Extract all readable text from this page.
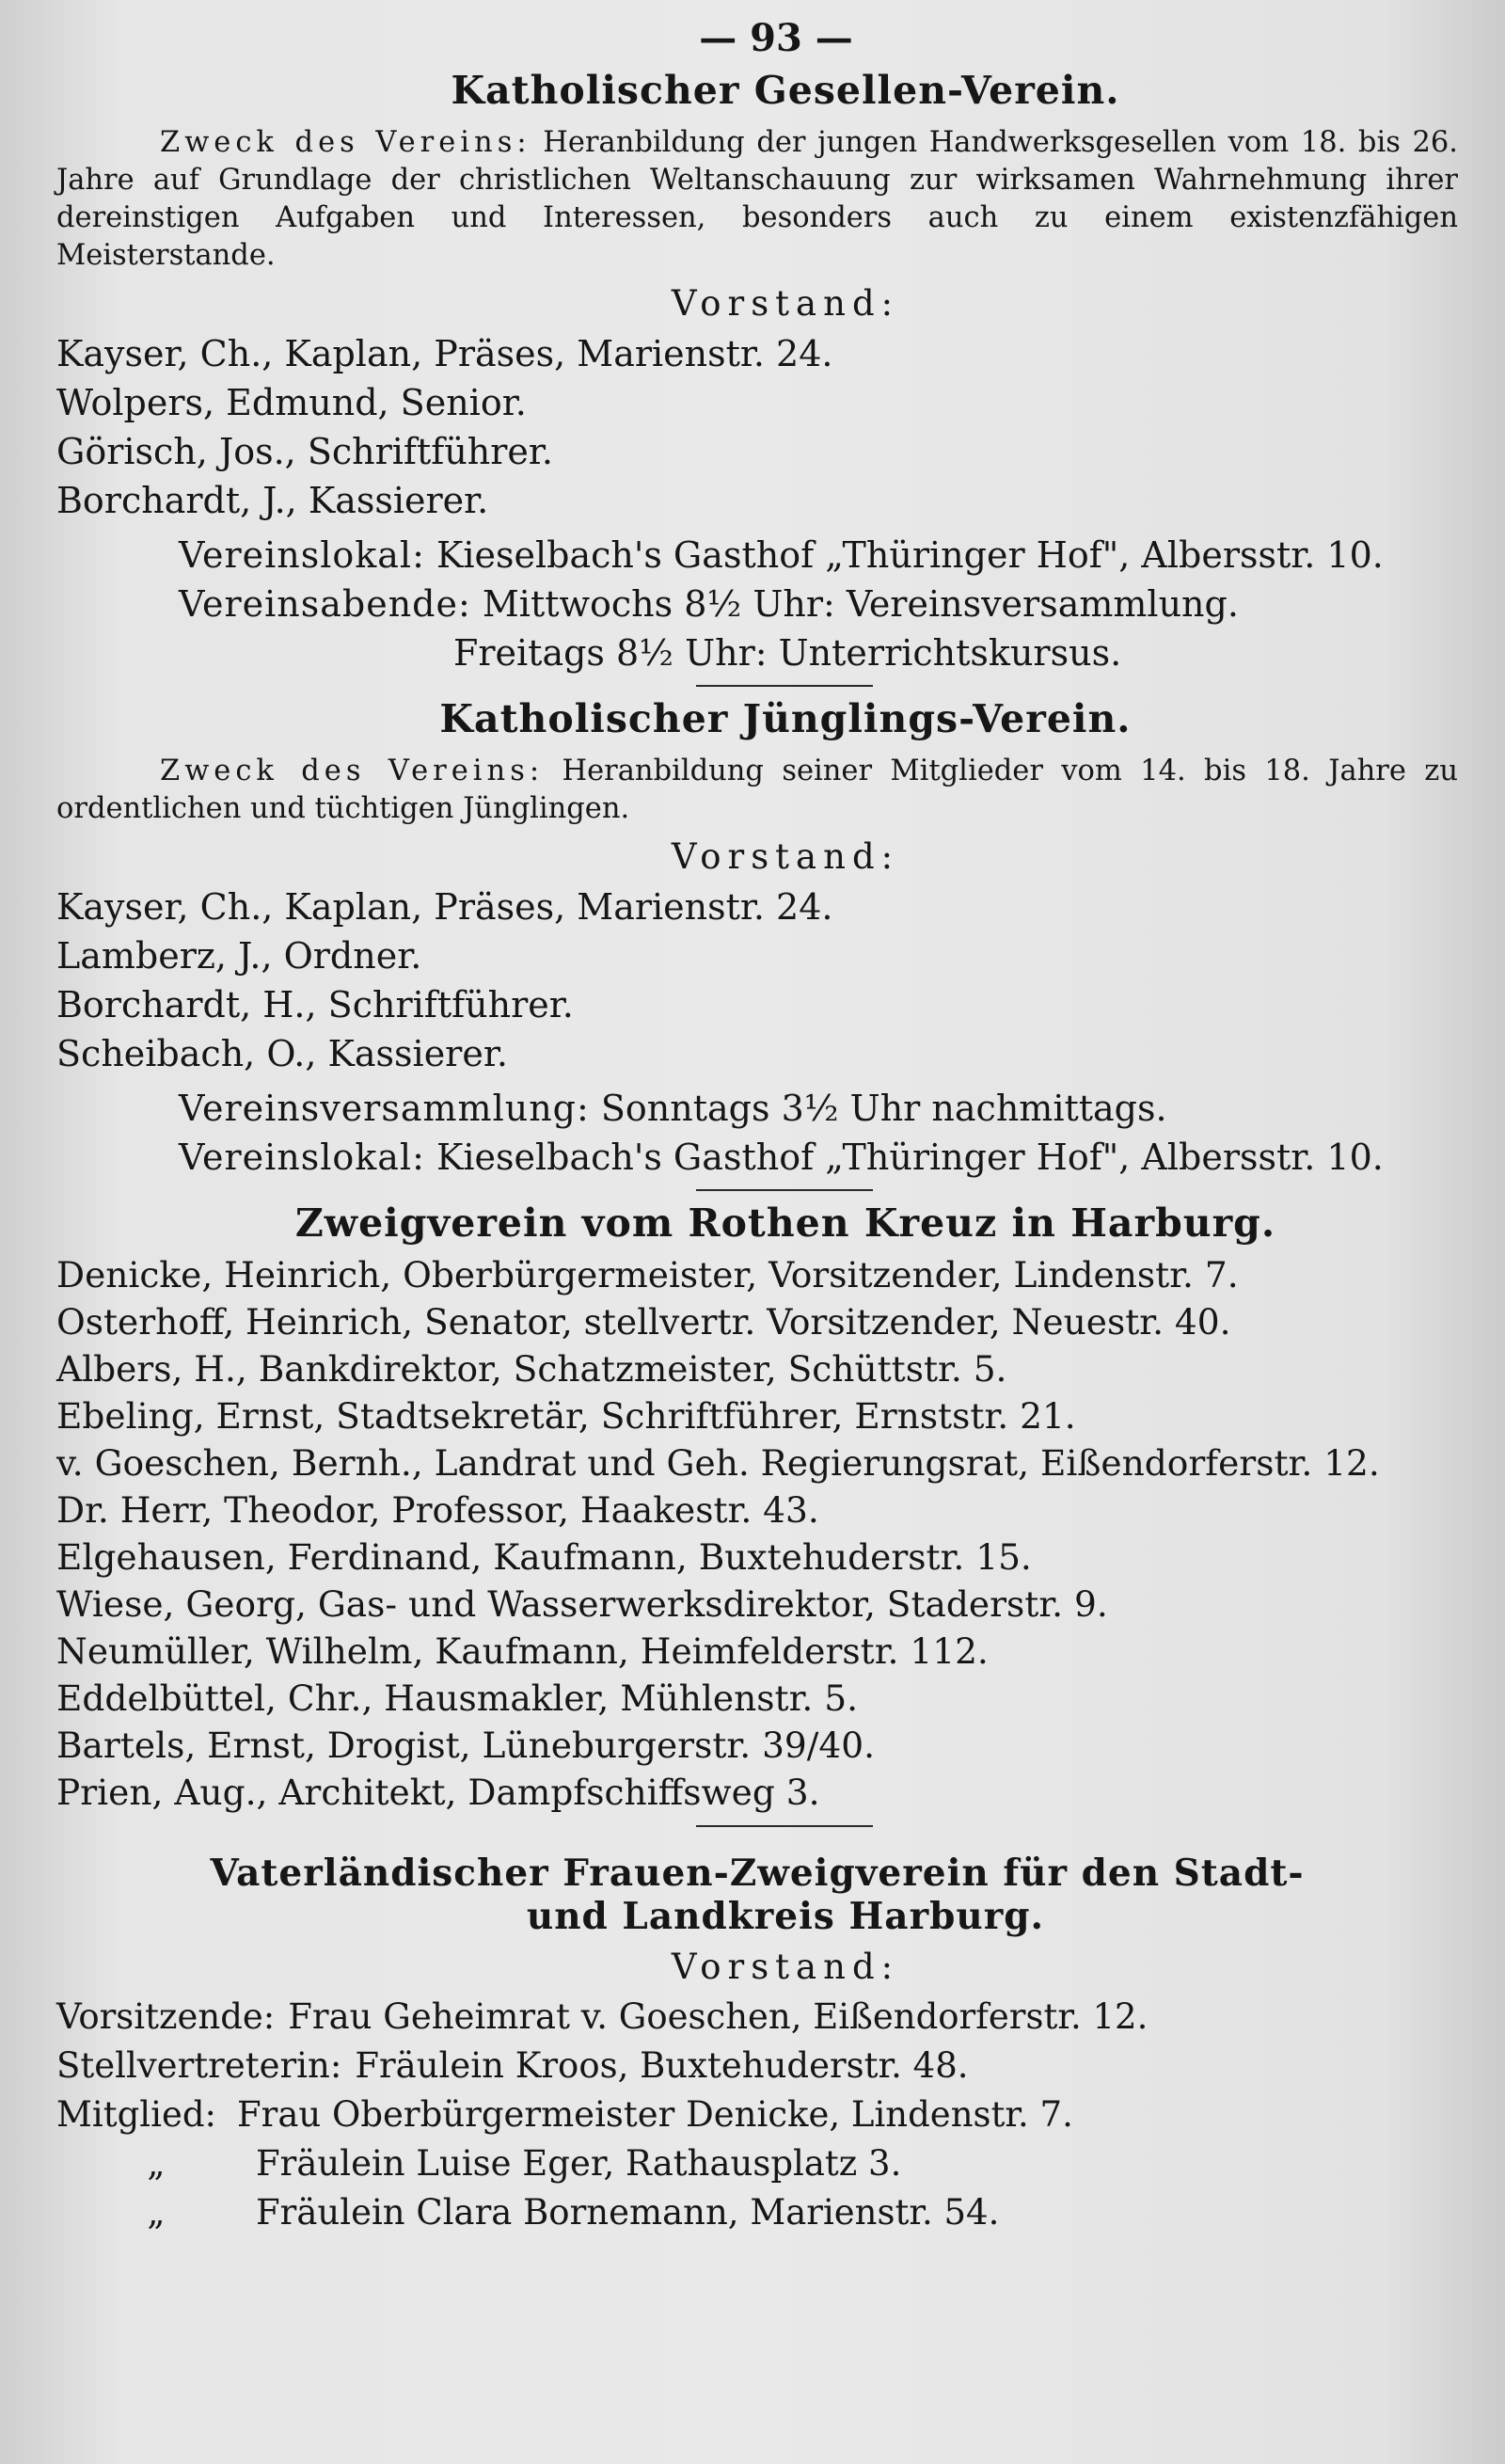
— 93 —
Katholischer Gesellen-Verein.

Zweck des Vereins: Heranbildung der jungen Handwerksgesellen vom 18. bis 26. Jahre auf Grundlage der christlichen Weltanschauung zur wirksamen Wahrnehmung ihrer dereinstigen Aufgaben und Interessen, besonders auch zu einem existenzfähigen Meisterstande.

Vorstand:
Kayser, Ch., Kaplan, Präses, Marienstr. 24.
Wolpers, Edmund, Senior.
Görisch, Jos., Schriftführer.
Borchardt, J., Kassierer.
Vereinslokal: Kieselbach's Gasthof „Thüringer Hof", Albersstr. 10.
Vereinsabende: Mittwochs 8½ Uhr: Vereinsversammlung.
Freitags 8½ Uhr: Unterrichtskursus.
Katholischer Jünglings-Verein.

Zweck des Vereins: Heranbildung seiner Mitglieder vom 14. bis 18. Jahre zu ordentlichen und tüchtigen Jünglingen.

Vorstand:
Kayser, Ch., Kaplan, Präses, Marienstr. 24.
Lamberz, J., Ordner.
Borchardt, H., Schriftführer.
Scheibach, O., Kassierer.
Vereinsversammlung: Sonntags 3½ Uhr nachmittags.
Vereinslokal: Kieselbach's Gasthof „Thüringer Hof", Albersstr. 10.
Zweigverein vom Rothen Kreuz in Harburg.
Denicke, Heinrich, Oberbürgermeister, Vorsitzender, Lindenstr. 7.
Osterhoff, Heinrich, Senator, stellvertr. Vorsitzender, Neuestr. 40.
Albers, H., Bankdirektor, Schatzmeister, Schüttstr. 5.
Ebeling, Ernst, Stadtsekretär, Schriftführer, Ernststr. 21.
v. Goeschen, Bernh., Landrat und Geh. Regierungsrat, Eißendorferstr. 12.
Dr. Herr, Theodor, Professor, Haakestr. 43.
Elgehausen, Ferdinand, Kaufmann, Buxtehuderstr. 15.
Wiese, Georg, Gas- und Wasserwerksdirektor, Staderstr. 9.
Neumüller, Wilhelm, Kaufmann, Heimfelderstr. 112.
Eddelbüttel, Chr., Hausmakler, Mühlenstr. 5.
Bartels, Ernst, Drogist, Lüneburgerstr. 39/40.
Prien, Aug., Architekt, Dampfschiffsweg 3.
Vaterländischer Frauen-Zweigverein für den Stadt-
und Landkreis Harburg.
Vorstand:
Vorsitzende: Frau Geheimrat v. Goeschen, Eißendorferstr. 12.
Stellvertreterin: Fräulein Kroos, Buxtehuderstr. 48.
Mitglied: Frau Oberbürgermeister Denicke, Lindenstr. 7.
„	Fräulein Luise Eger, Rathausplatz 3.
„	Fräulein Clara Bornemann, Marienstr. 54.
